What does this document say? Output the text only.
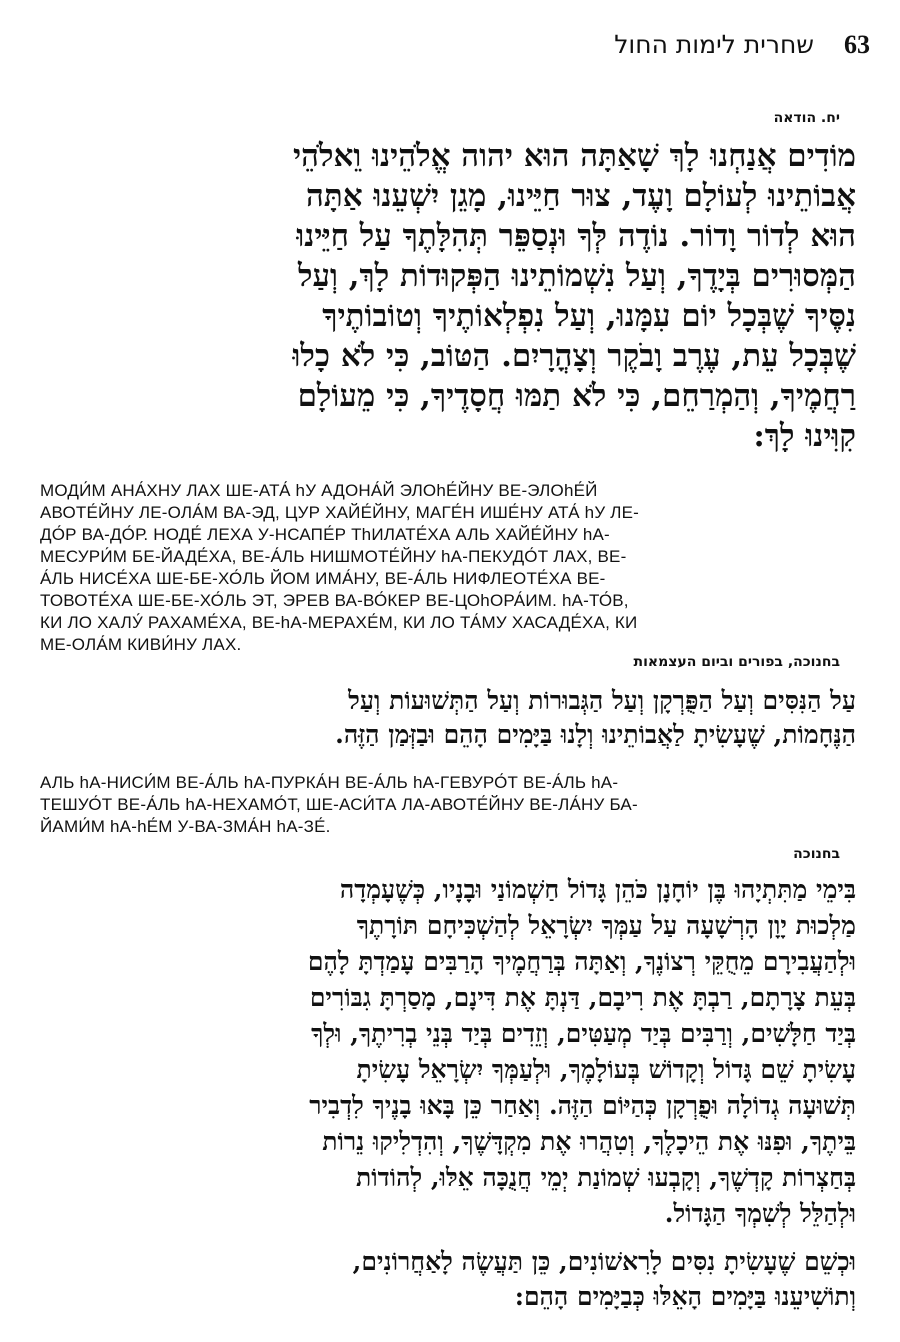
שחרית לימות החול 63
יח. הודאה
מוֹדִים אֲנַחְנוּ לָךְ שָׁאַתָּה הוּא יהוה אֱלֹהֵינוּ וֵאלֹהֵי
אֲבוֹתֵינוּ לְעוֹלָם וָעֶד, צוּר חַיֵּינוּ, מָגֵן יִשְׁעֵנוּ אַתָּה
הוּא לְדוֹר וָדוֹר. נוֹדֶה לְּךָ וּנְסַפֵּר תְּהִלָּתֶךָ עַל חַיֵּינוּ
הַמְּסוּרִים בְּיָדֶךָ, וְעַל נִשְׁמוֹתֵינוּ הַפְּקוּדוֹת לָךְ, וְעַל
נִסֶּיךָ שֶׁבְּכָל יוֹם עִמָּנוּ, וְעַל נִפְלְאוֹתֶיךָ וְטוֹבוֹתֶיךָ
שֶׁבְּכָל עֵת, עֶרֶב וָבֹקֶר וְצָהֳרָיִם. הַטּוֹב, כִּי לֹא כָלוּ
רַחֲמֶיךָ, וְהַמְרַחֵם, כִּי לֹא תַמּוּ חֲסָדֶיךָ, כִּי מֵעוֹלָם
קִוִּינוּ לָךְ:
МОДИ́М АНА́ХНУ ЛАХ ШЕ-АТА́ hУ АДОНА́Й ЭЛОhЕ́ЙНУ ВЕ-ЭЛОhЕ́Й
АВОТЕ́ЙНУ ЛЕ-ОЛА́М ВА-ЭД, ЦУР ХАЙЕ́ЙНУ, МАГЕ́Н ИШЕ́НУ АТА́ hУ ЛЕ-
ДО́Р ВА-ДО́Р. НОДЕ́ ЛЕХА У-НСАПЕ́Р ТhИЛАТЕ́ХА АЛЬ ХАЙЕ́ЙНУ hА-
МЕСУРИ́М БЕ-ЙАДЕ́ХА, ВЕ-А́ЛЬ НИШМОТЕ́ЙНУ hА-ПЕКУДО́Т ЛАХ, ВЕ-
А́ЛЬ НИСЕ́ХА ШЕ-БЕ-ХО́ЛЬ ЙОМ ИМА́НУ, ВЕ-А́ЛЬ НИФЛЕОТЕ́ХА ВЕ-
ТОВОТЕ́ХА ШЕ-БЕ-ХО́ЛЬ ЭТ, ЭРЕВ ВА-ВО́КЕР ВЕ-ЦОhОРА́ИМ. hА-ТО́В,
КИ ЛО ХАЛУ́ РАХАМЕ́ХА, ВЕ-hА-МЕРАХЕ́М, КИ ЛО ТА́МУ ХАСАДЕ́ХА, КИ
МЕ-ОЛА́М КИВИ́НУ ЛАХ.
בחנוכה, בפורים וביום העצמאות
עַל הַנִּסִּים וְעַל הַפֻּרְקָן וְעַל הַגְּבוּרוֹת וְעַל הַתְּשׁוּעוֹת וְעַל
הַנֶּחָמוֹת, שֶׁעָשִׂיתָ לַאֲבוֹתֵינוּ וְלָנוּ בַּיָּמִים הָהֵם וּבַזְּמַן הַזֶּה.
АЛЬ hА-НИСИ́М ВЕ-А́ЛЬ hА-ПУРКА́Н ВЕ-А́ЛЬ hА-ГЕВУРО́Т ВЕ-А́ЛЬ hА-
ТЕШУО́Т ВЕ-А́ЛЬ hА-НЕХАМО́Т, ШЕ-АСИ́ТА ЛА-АВОТЕ́ЙНУ ВЕ-ЛА́НУ БА-
ЙАМИ́М hА-hЕ́М У-ВА-ЗМА́Н hА-ЗЕ́.
בחנוכה
בִּימֵי מַתִּתְיָהוּ בֶּן יוֹחָנָן כֹּהֵן גָּדוֹל חַשְׁמוֹנַי וּבָנָיו, כְּשֶׁעָמְדָה
מַלְכוּת יָוָן הָרְשָׁעָה עַל עַמְּךָ יִשְׂרָאֵל לְהַשְׁכִּיחָם תּוֹרָתֶךָ
וּלְהַעֲבִירָם מֵחֻקֵּי רְצוֹנֶךָ, וְאַתָּה בְּרַחֲמֶיךָ הָרַבִּים עָמַדְתָּ לָהֶם
בְּעֵת צָרָתָם, רַבְתָּ אֶת רִיבָם, דַּנְתָּ אֶת דִּינָם, מָסַרְתָּ גִבּוֹרִים
בְּיַד חַלָּשִׁים, וְרַבִּים בְּיַד מְעַטִּים, וְזֵדִים בְּיַד בְּנֵי בְרִיתֶךָ, וּלְךָ
עָשִׂיתָ שֵׁם גָּדוֹל וְקָדוֹשׁ בְּעוֹלָמֶךָ, וּלְעַמְּךָ יִשְׂרָאֵל עָשִׂיתָ
תְּשׁוּעָה גְדוֹלָה וּפֻרְקָן כְּהַיּוֹם הַזֶּה. וְאַחַר כֵּן בָּאוּ בָנֶיךָ לִדְבִיר
בֵּיתֶךָ, וּפִנּוּ אֶת הֵיכָלֶךָ, וְטִהֲרוּ אֶת מִקְדָּשֶׁךָ, וְהִדְלִיקוּ נֵרוֹת
בְּחַצְרוֹת קָדְשֶׁךָ, וְקָבְעוּ שְׁמוֹנַת יְמֵי חֲנֻכָּה אֵלּוּ, לְהוֹדוֹת
וּלְהַלֵּל לְשִׁמְךָ הַגָּדוֹל.
וּכְשֵׁם שֶׁעָשִׂיתָ נִסִּים לָרִאשׁוֹנִים, כֵּן תַּעֲשֶׂה לָאַחֲרוֹנִים,
וְתוֹשִׁיעֵנוּ בַּיָּמִים הָאֵלּוּ כְּבַיָּמִים הָהֵם:
